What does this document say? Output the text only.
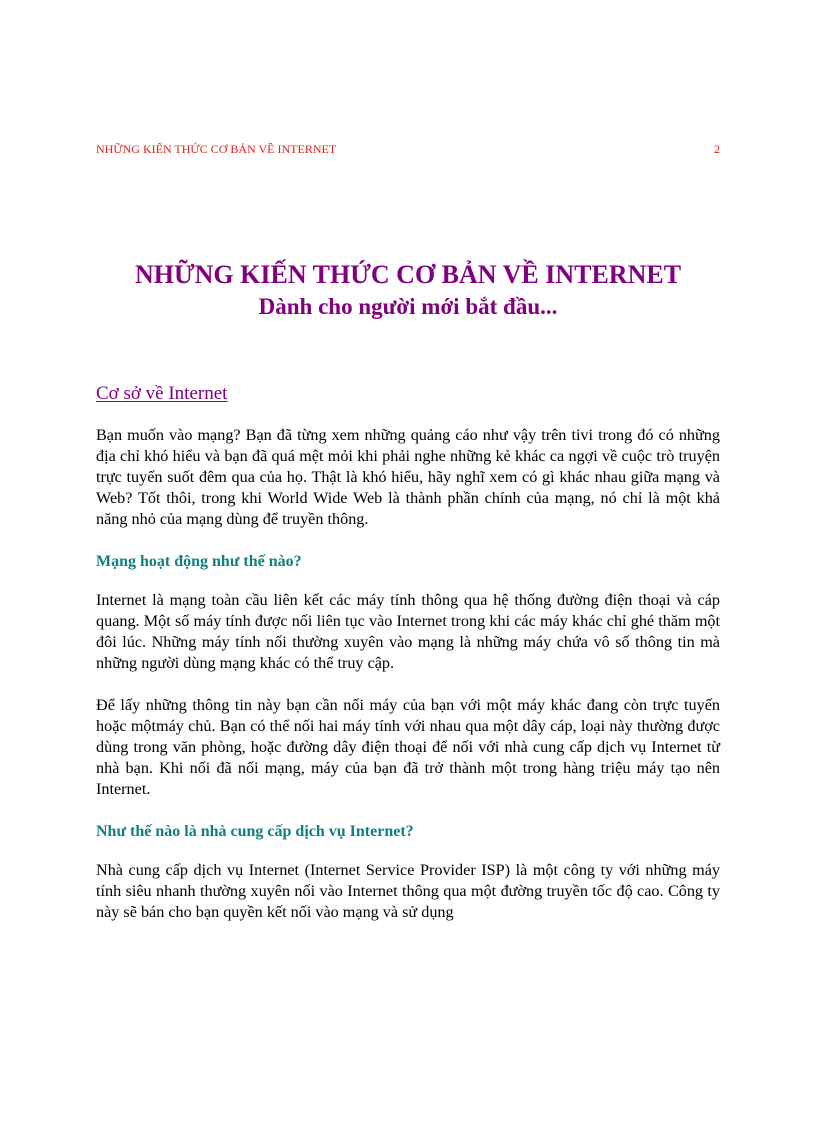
NHỮNG KIẾN THỨC CƠ BẢN VỀ INTERNET	2
NHỮNG KIẾN THỨC CƠ BẢN VỀ INTERNET
Dành cho người mới bắt đầu...
Cơ sở về Internet

Bạn muốn vào mạng? Bạn đã từng xem những quảng cáo như vậy trên tivi trong đó có những địa chỉ khó hiểu và bạn đã quá mệt mỏi khi phải nghe những kẻ khác ca ngợi về cuộc trò truyện trực tuyến suốt đêm qua của họ. Thật là khó hiểu, hãy nghĩ xem có gì khác nhau giữa mạng và Web? Tốt thôi, trong khi World Wide Web là thành phần chính của mạng, nó chỉ là một khả năng nhỏ của mạng dùng để truyền thông.

Mạng hoạt động như thế nào?

Internet là mạng toàn cầu liên kết các máy tính thông qua hệ thống đường điện thoại và cáp quang. Một số máy tính được nối liên tục vào Internet trong khi các máy khác chỉ ghé thăm một đôi lúc. Những máy tính nối thường xuyên vào mạng là những máy chứa vô số thông tin mà những người dùng mạng khác có thể truy cập.

Để lấy những thông tin này bạn cần nối máy của bạn với một máy khác đang còn trực tuyến hoặc mộtmáy chủ. Bạn có thể nối hai máy tính với nhau qua một dây cáp, loại này thường được dùng trong văn phòng, hoặc đường dây điện thoại để nối với nhà cung cấp dịch vụ Internet từ nhà bạn. Khi nối đã nối mạng, máy của bạn đã trở thành một trong hàng triệu máy tạo nên Internet.

Như thế nào là nhà cung cấp dịch vụ Internet?

Nhà cung cấp dịch vụ Internet (Internet Service Provider ISP) là một công ty với những máy tính siêu nhanh thường xuyên nối vào Internet thông qua một đường truyền tốc độ cao. Công ty này sẽ bán cho bạn quyền kết nối vào mạng và sử dụng
